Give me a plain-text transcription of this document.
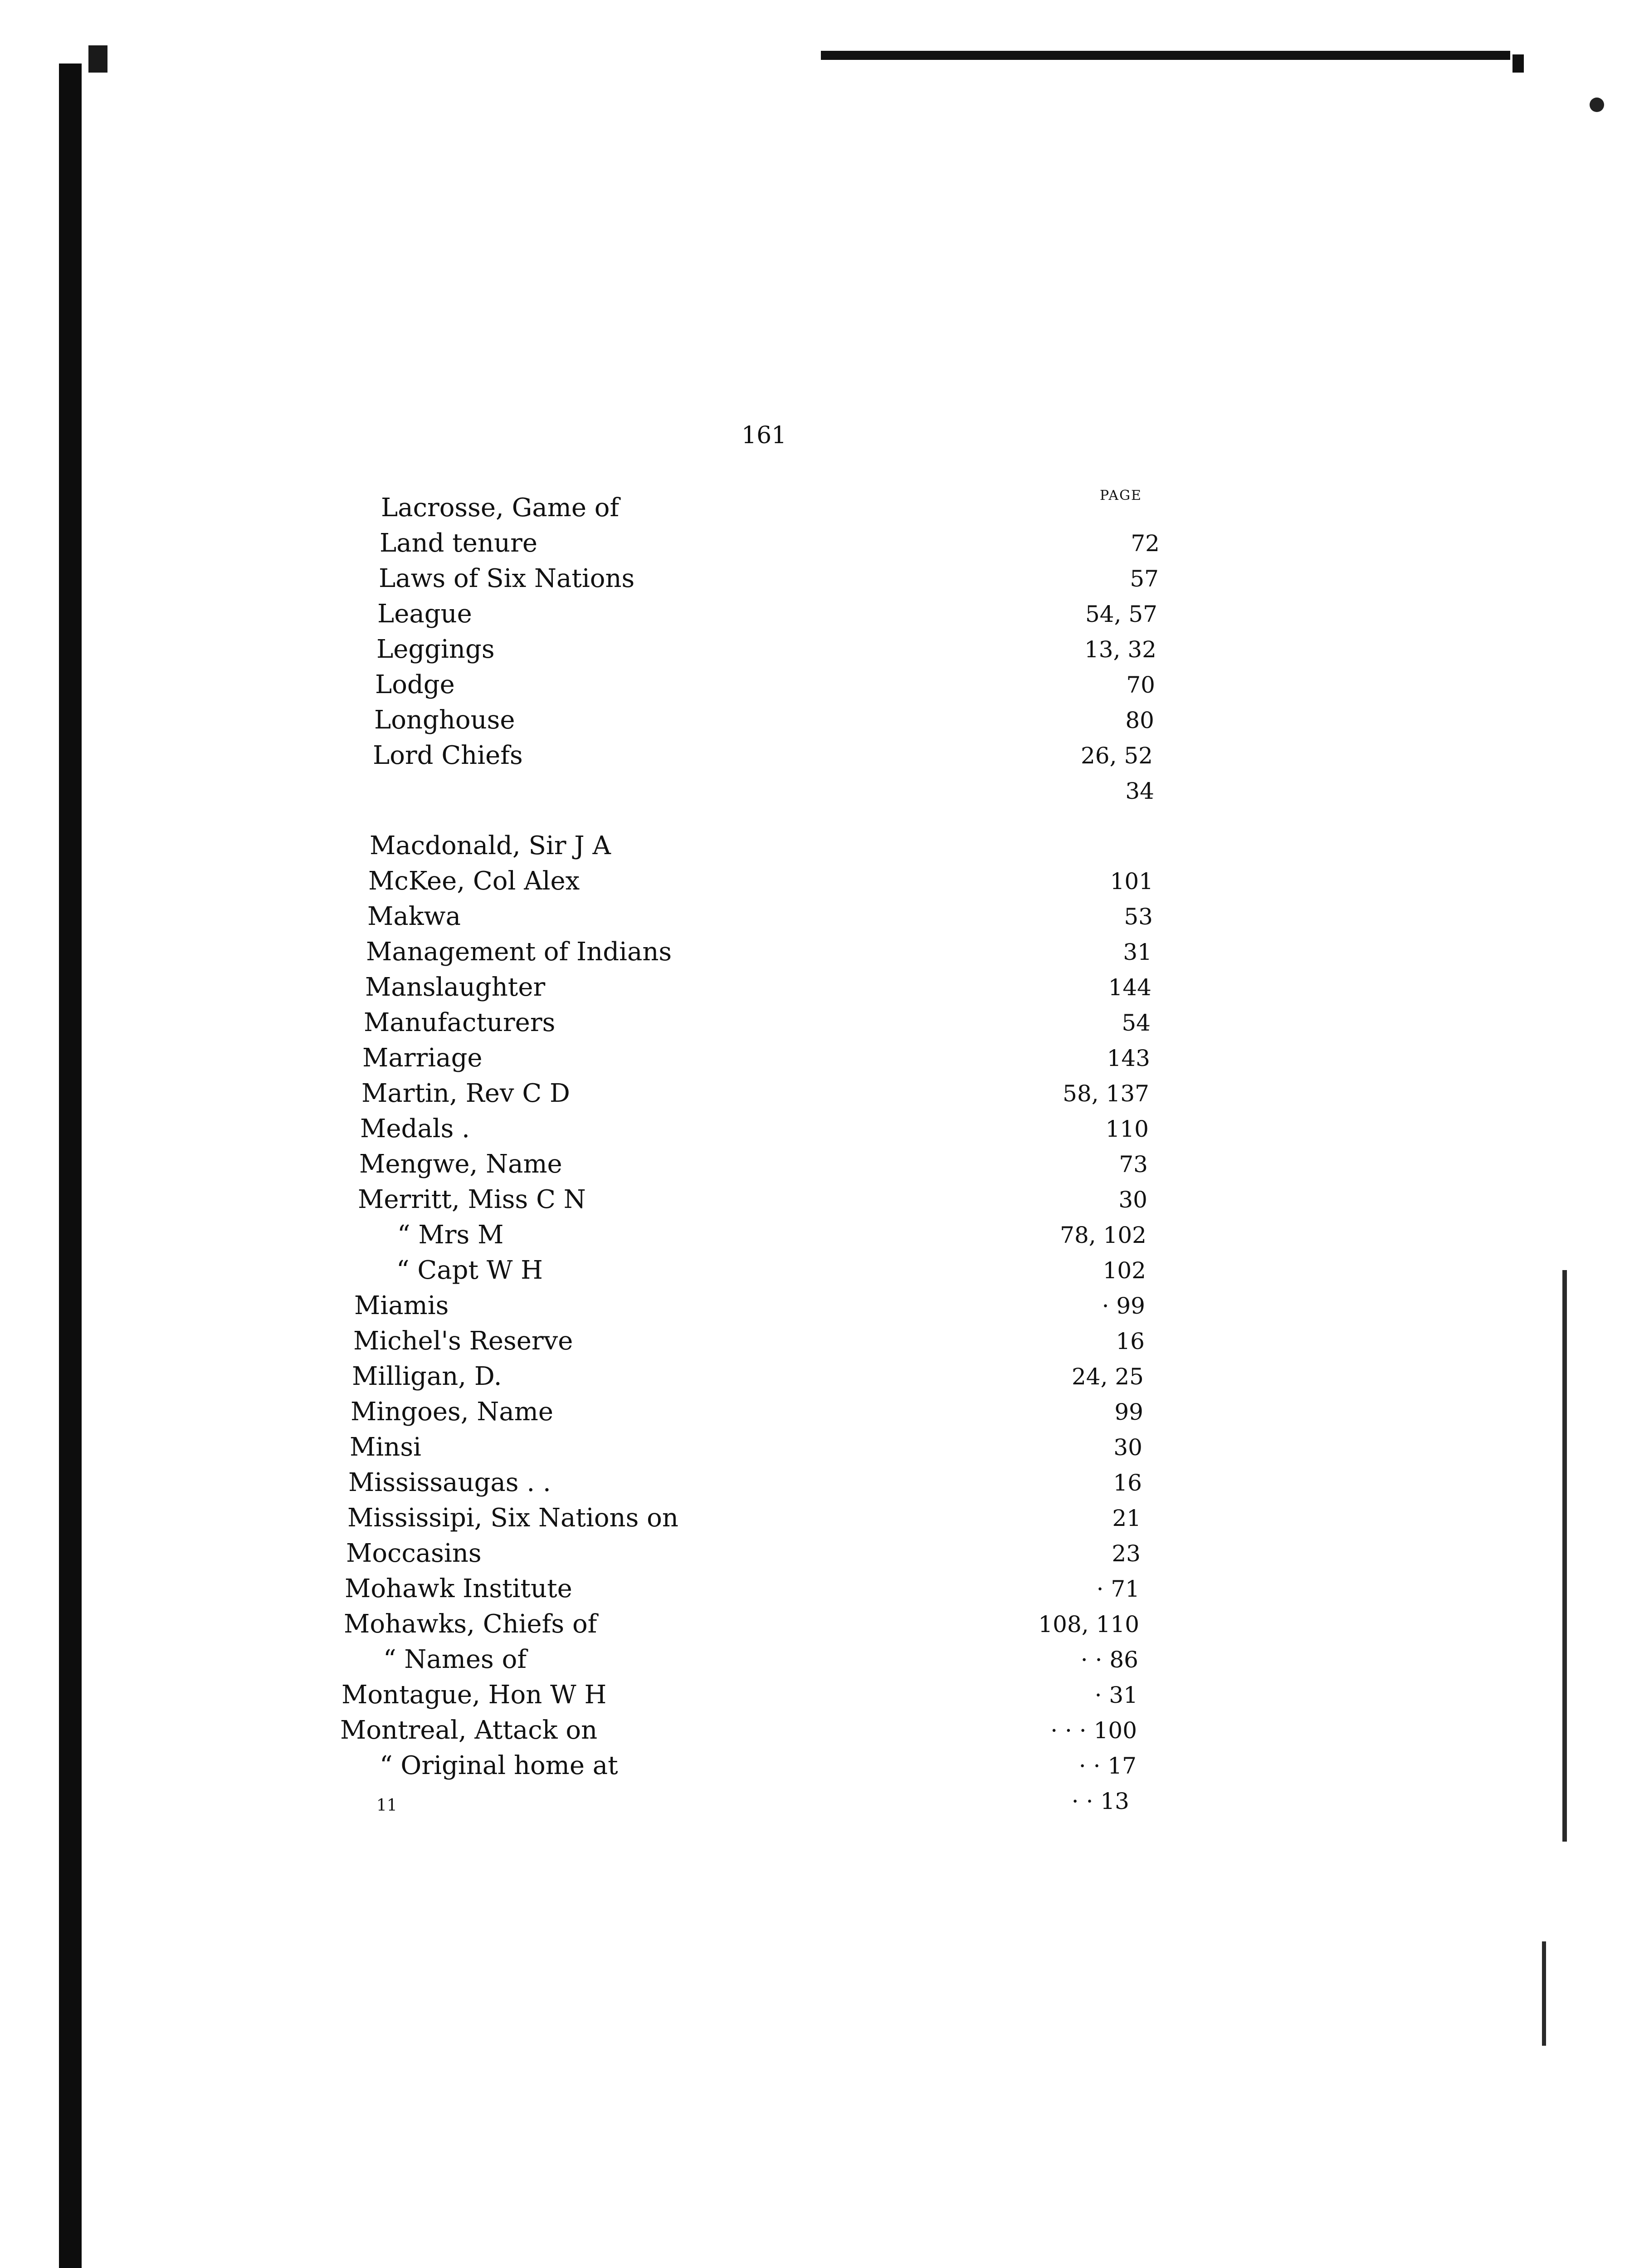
161
PAGE
Lacrosse, Game of
Land tenure	72
Laws of Six Nations	57
League	54, 57
Leggings	13, 32
Lodge	70
Longhouse	80
Lord Chiefs	26, 52
34
Macdonald, Sir J A
McKee, Col Alex	101
Makwa	53
Management of Indians	31
Manslaughter	144
Manufacturers	54
Marriage	143
Martin, Rev C D	58, 137
Medals .	110
Mengwe, Name	73
Merritt, Miss C N	30
“ Mrs M	78, 102
“ Capt W H	102
Miamis	· 99
Michel's Reserve	16
Milligan, D.	24, 25
Mingoes, Name	99
Minsi	30
Mississaugas . .	16
Mississipi, Six Nations on	21
Moccasins	23
Mohawk Institute	· 71
Mohawks, Chiefs of	108, 110
“ Names of	· · 86
Montague, Hon W H	· 31
Montreal, Attack on	· · · 100
“ Original home at	· · 17
· · 13
11
